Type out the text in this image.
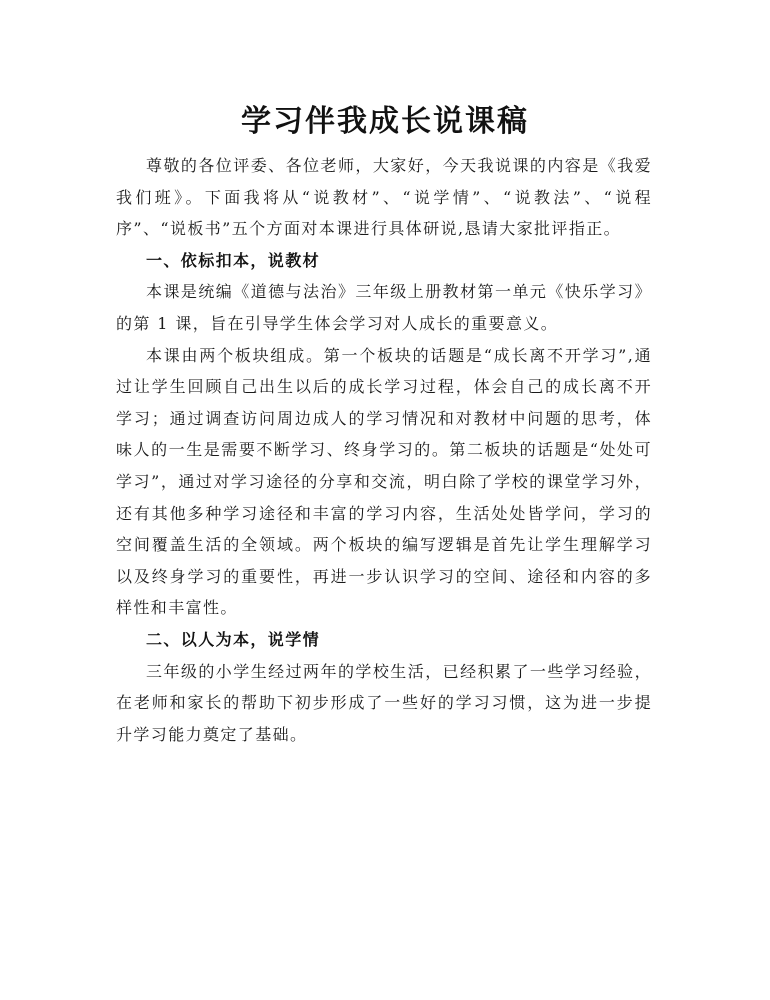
学习伴我成长说课稿

尊敬的各位评委、各位老师，大家好，今天我说课的内容是《我爱我们班》。下面我将从“说教材”、“说学情”、“说教法”、“说程序”、“说板书”五个方面对本课进行具体研说,恳请大家批评指正。

一、依标扣本，说教材

本课是统编《道德与法治》三年级上册教材第一单元《快乐学习》的第 1 课，旨在引导学生体会学习对人成长的重要意义。

本课由两个板块组成。第一个板块的话题是“成长离不开学习”,通过让学生回顾自己出生以后的成长学习过程，体会自己的成长离不开学习；通过调查访问周边成人的学习情况和对教材中问题的思考，体味人的一生是需要不断学习、终身学习的。第二板块的话题是“处处可学习”，通过对学习途径的分享和交流，明白除了学校的课堂学习外，还有其他多种学习途径和丰富的学习内容，生活处处皆学问，学习的空间覆盖生活的全领域。两个板块的编写逻辑是首先让学生理解学习以及终身学习的重要性，再进一步认识学习的空间、途径和内容的多样性和丰富性。

二、以人为本，说学情

三年级的小学生经过两年的学校生活，已经积累了一些学习经验，在老师和家长的帮助下初步形成了一些好的学习习惯，这为进一步提升学习能力奠定了基础。
